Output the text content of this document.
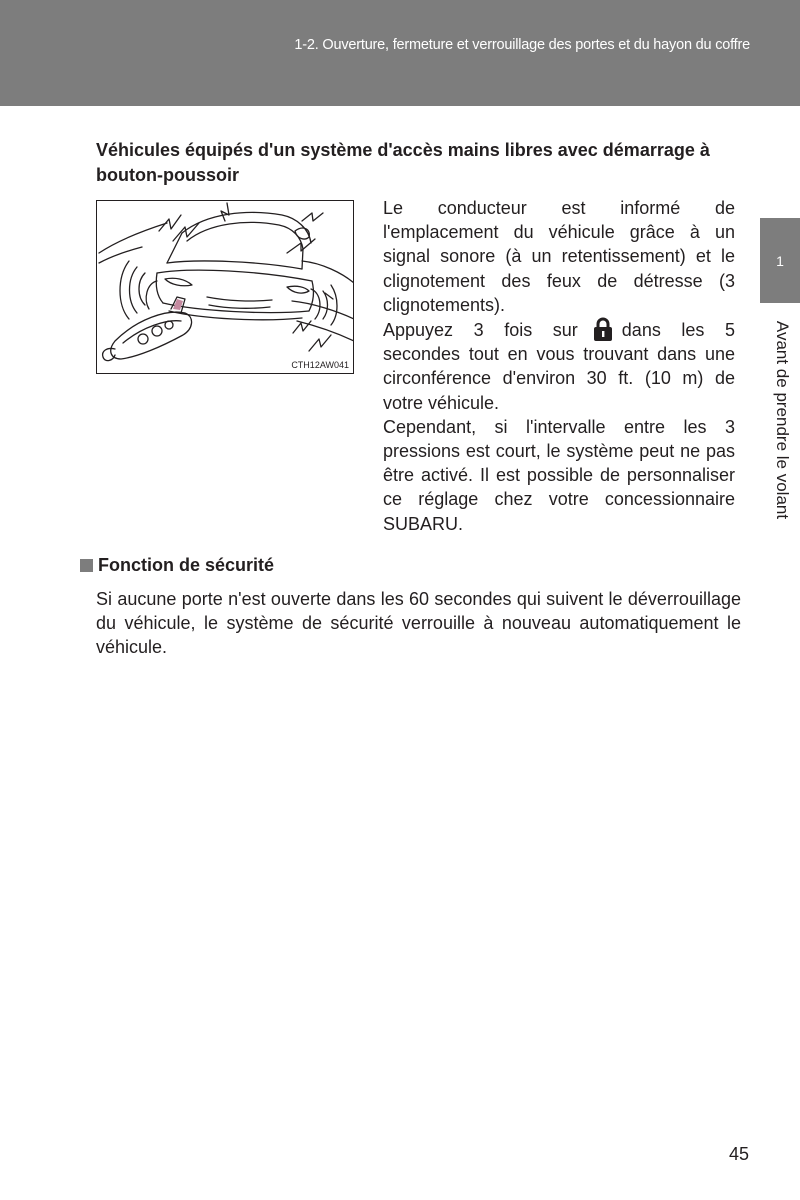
1-2. Ouverture, fermeture et verrouillage des portes et du hayon du coffre
1
Avant de prendre le volant
Véhicules équipés d'un système d'accès mains libres avec démarrage à bouton-poussoir
CTH12AW041

Le conducteur est informé de l'emplacement du véhicule grâce à un signal sonore (à un retentissement) et le clignotement des feux de détresse (3 clignotements).

Appuyez 3 fois sur dans les 5 secondes tout en vous trouvant dans une circonférence d'environ 30 ft. (10 m) de votre véhicule.

Cependant, si l'intervalle entre les 3 pressions est court, le système peut ne pas être activé. Il est possible de personnaliser ce réglage chez votre concessionnaire SUBARU.

Fonction de sécurité

Si aucune porte n'est ouverte dans les 60 secondes qui suivent le déverrouillage du véhicule, le système de sécurité verrouille à nouveau automatiquement le véhicule.

45
